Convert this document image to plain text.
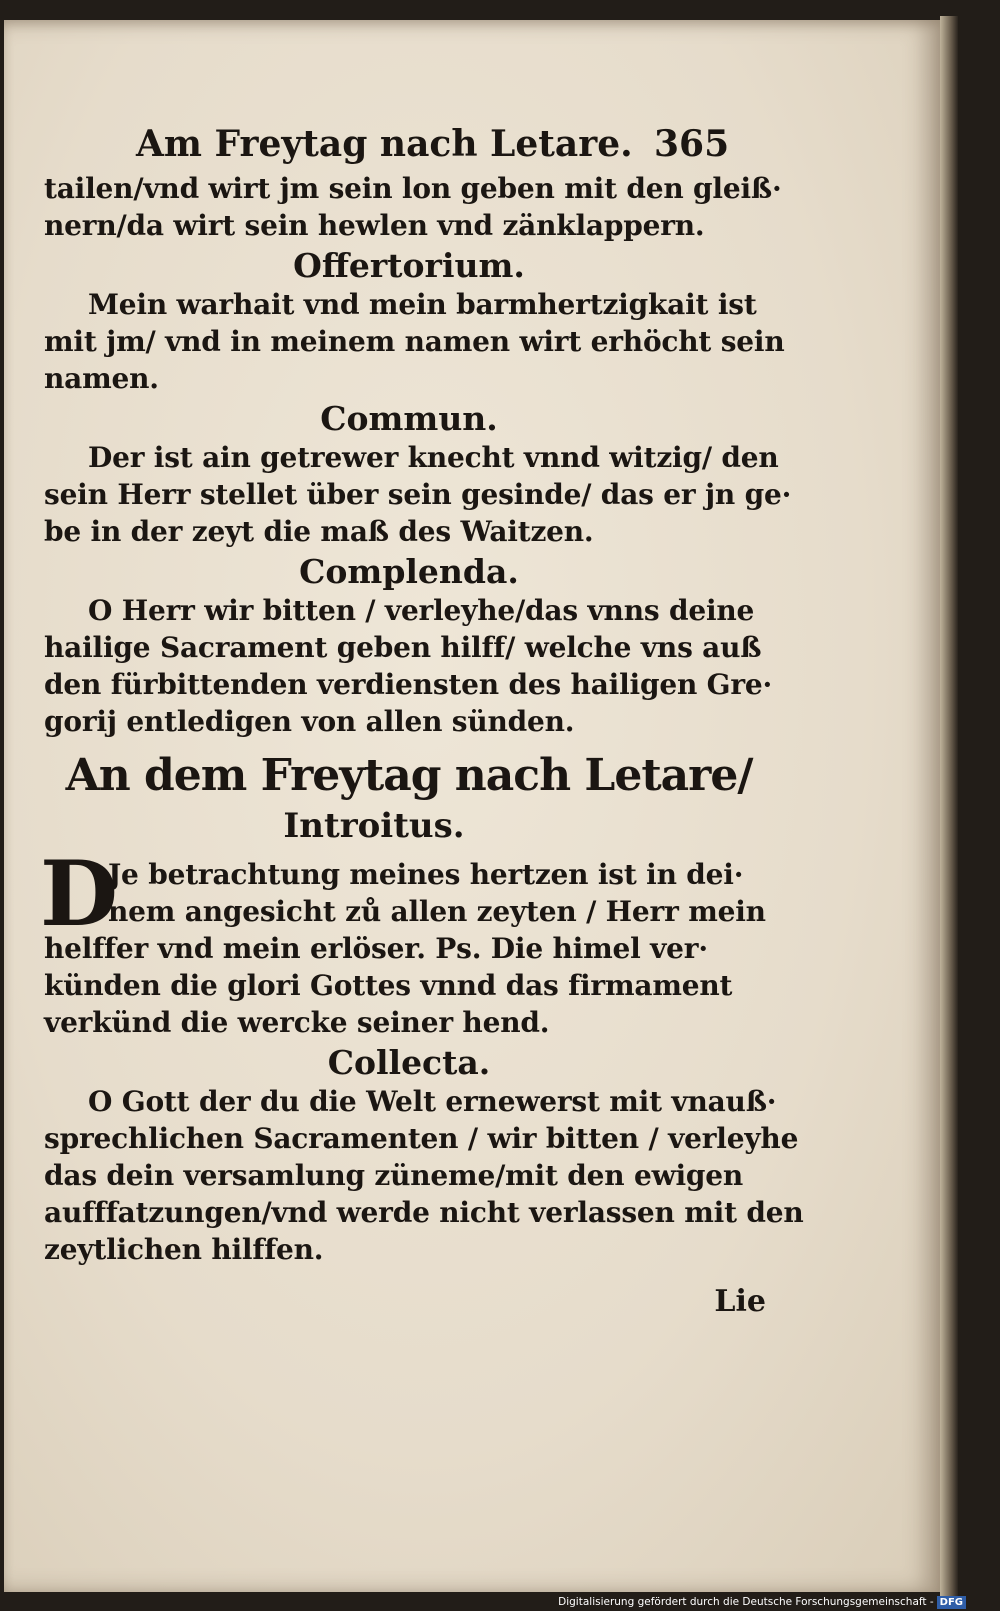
Am Freytag nach Letare. 365
tailen/vnd wirt jm sein lon geben mit den gleiß·
nern/da wirt sein hewlen vnd zänklappern.
Offertorium.
Mein warhait vnd mein barmhertzigkait ist
mit jm/ vnd in meinem namen wirt erhöcht sein
namen.
Commun.
Der ist ain getrewer knecht vnnd witzig/ den
sein Herr stellet über sein gesinde/ das er jn ge·
be in der zeyt die maß des Waitzen.
Complenda.
O Herr wir bitten / verleyhe/das vnns deine
hailige Sacrament geben hilff/ welche vns auß
den fürbittenden verdiensten des hailigen Gre·
gorij entledigen von allen sünden.
An dem Freytag nach Letare/
Introitus.
D
Je betrachtung meines hertzen ist in dei·
nem angesicht zů allen zeyten / Herr mein
helffer vnd mein erlöser. Ps. Die himel ver·
künden die glori Gottes vnnd das firmament
verkünd die wercke seiner hend.
Collecta.
O Gott der du die Welt ernewerst mit vnauß·
sprechlichen Sacramenten / wir bitten / verleyhe
das dein versamlung züneme/mit den ewigen
aufffatzungen/vnd werde nicht verlassen mit den
zeytlichen hilffen.
Lie
Digitalisierung gefördert durch die Deutsche Forschungsgemeinschaft - DFG
